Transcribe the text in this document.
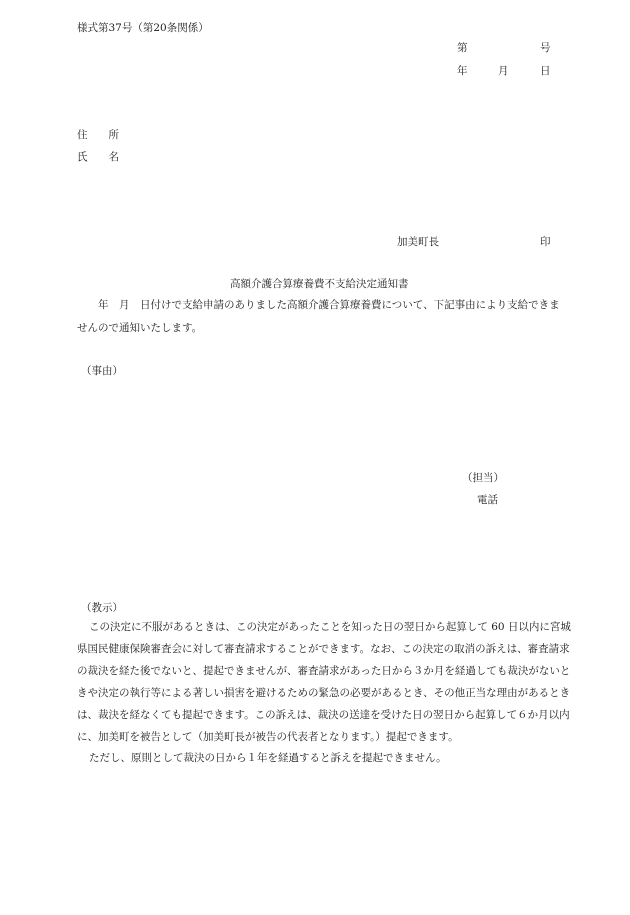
様式第37号（第20条関係）
第	号
年	月	日
住　　所
氏　　名
加美町長	印
高額介護合算療養費不支給決定通知書
　　年　月　日付けで支給申請のありました高額介護合算療養費について、下記事由により支給できま
せんので通知いたします。
（事由）
（担当）
電話
（教示）
この決定に不服があるときは、この決定があったことを知った日の翌日から起算して 60 日以内に宮城
県国民健康保険審査会に対して審査請求することができます。なお、この決定の取消の訴えは、審査請求
の裁決を経た後でないと、提起できませんが、審査請求があった日から３か月を経過しても裁決がないと
きや決定の執行等による著しい損害を避けるための緊急の必要があるとき、その他正当な理由があるとき
は、裁決を経なくても提起できます。この訴えは、裁決の送達を受けた日の翌日から起算して６か月以内
に、加美町を被告として（加美町長が被告の代表者となります。）提起できます。
ただし、原則として裁決の日から１年を経過すると訴えを提起できません。
